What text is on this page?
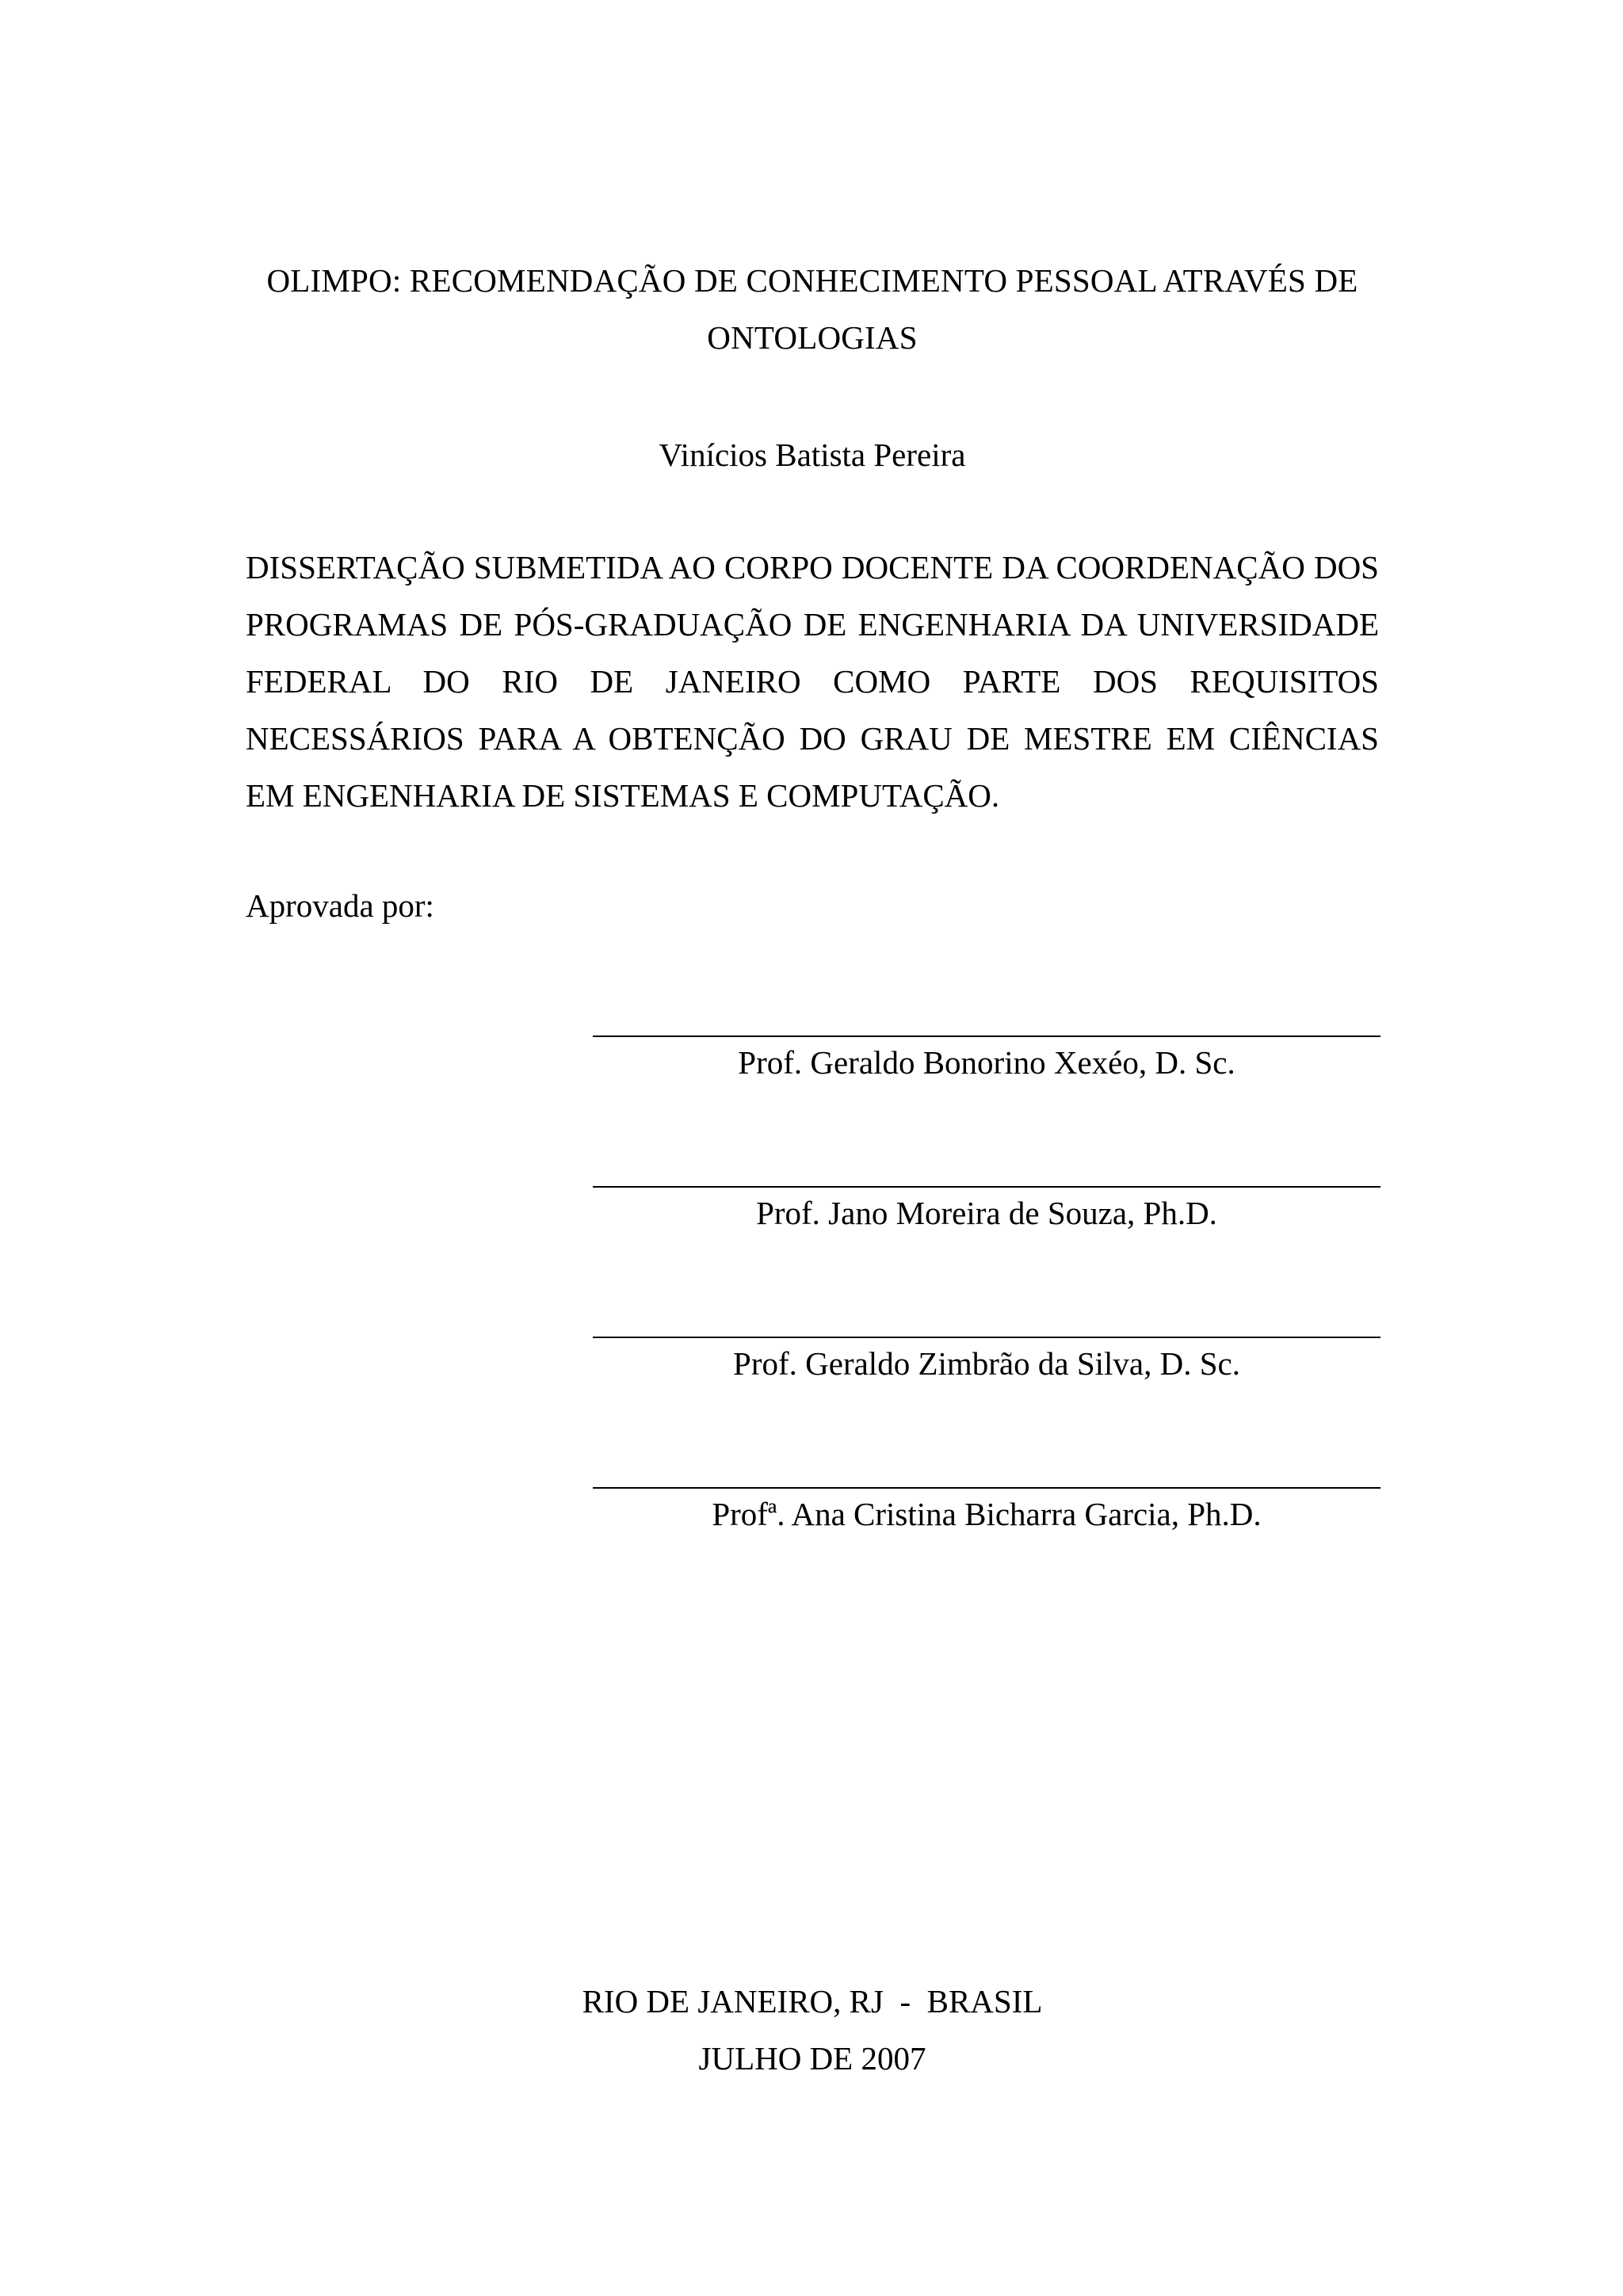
OLIMPO: RECOMENDAÇÃO DE CONHECIMENTO PESSOAL ATRAVÉS DE
ONTOLOGIAS
Vinícios Batista Pereira
DISSERTAÇÃO SUBMETIDA AO CORPO DOCENTE DA COORDENAÇÃO DOS PROGRAMAS DE PÓS-GRADUAÇÃO DE ENGENHARIA DA UNIVERSIDADE FEDERAL DO RIO DE JANEIRO COMO PARTE DOS REQUISITOS NECESSÁRIOS PARA A OBTENÇÃO DO GRAU DE MESTRE EM CIÊNCIAS EM ENGENHARIA DE SISTEMAS E COMPUTAÇÃO.
Aprovada por:
Prof. Geraldo Bonorino Xexéo, D. Sc.
Prof. Jano Moreira de Souza, Ph.D.
Prof. Geraldo Zimbrão da Silva, D. Sc.
Profª. Ana Cristina Bicharra Garcia, Ph.D.
RIO DE JANEIRO, RJ  -  BRASIL
JULHO DE 2007
